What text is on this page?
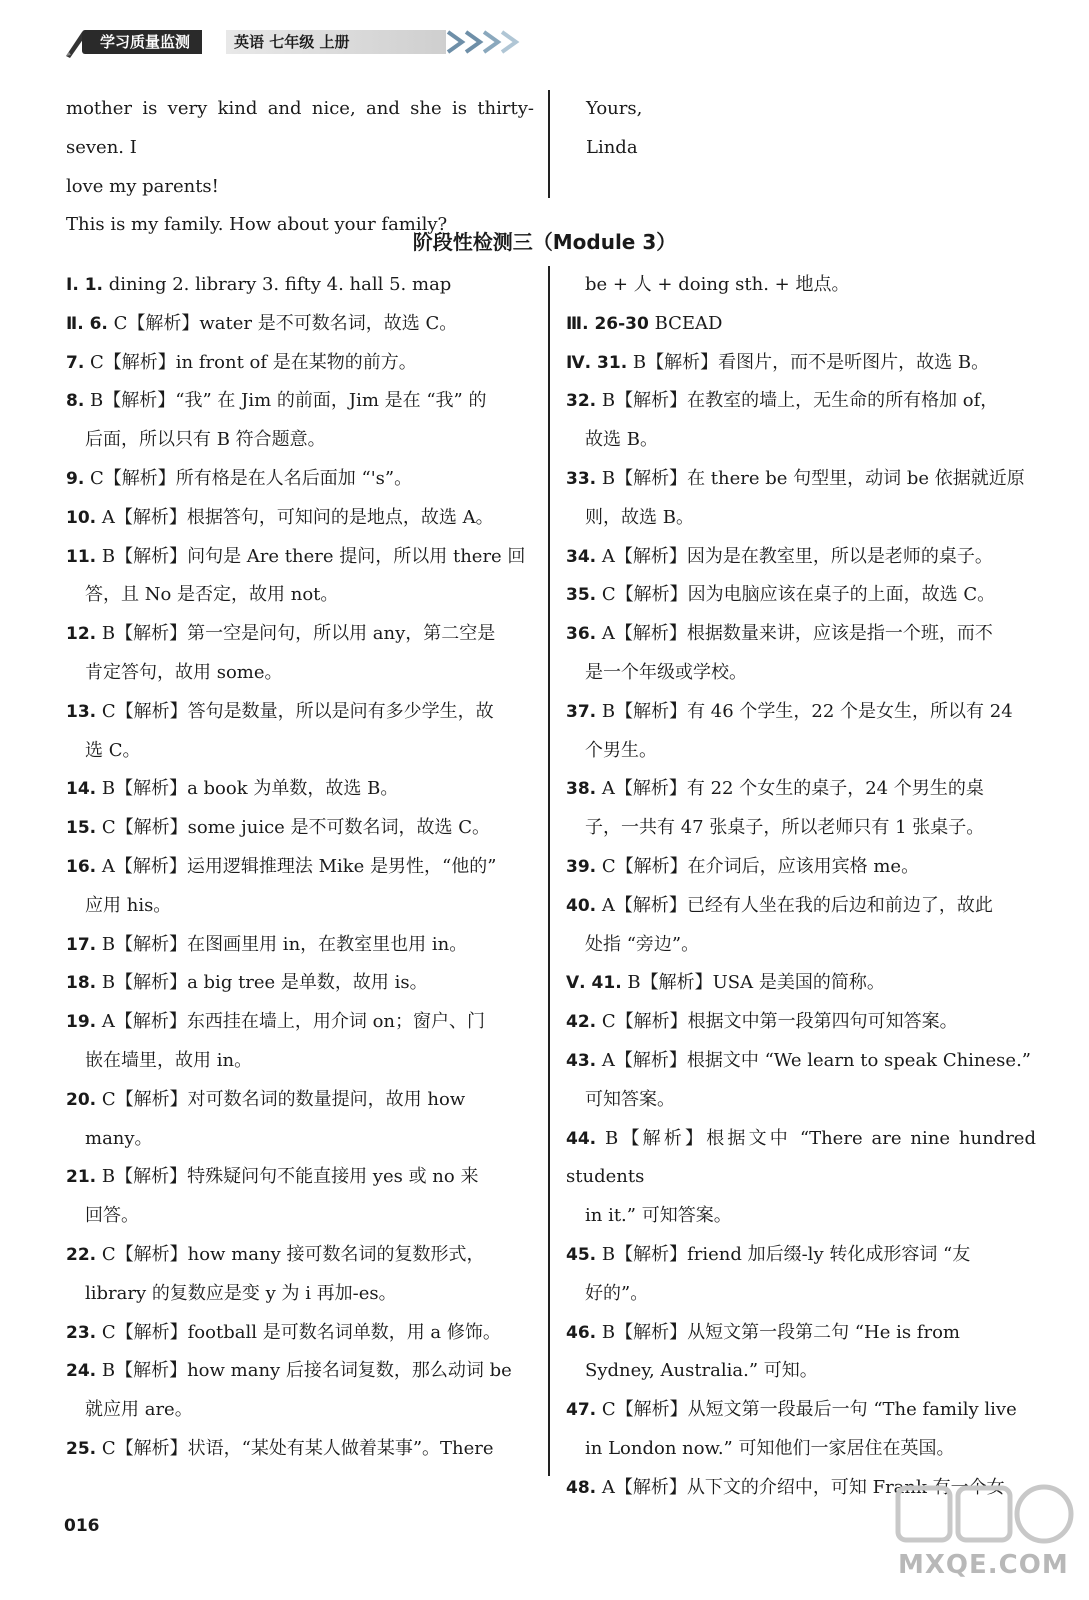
学习质量监测	英语 七年级 上册
mother is very kind and nice, and she is thirty-seven. I
love my parents!
This is my family. How about your family?
Yours,
Linda
阶段性检测三（Module 3）
Ⅰ. 1. dining 2. library 3. fifty 4. hall 5. map
Ⅱ. 6. C【解析】water 是不可数名词，故选 C。
7. C【解析】in front of 是在某物的前方。
8. B【解析】“我” 在 Jim 的前面，Jim 是在 “我” 的
后面，所以只有 B 符合题意。
9. C【解析】所有格是在人名后面加 “'s”。
10. A【解析】根据答句，可知问的是地点，故选 A。
11. B【解析】问句是 Are there 提问，所以用 there 回
答，且 No 是否定，故用 not。
12. B【解析】第一空是问句，所以用 any，第二空是
肯定答句，故用 some。
13. C【解析】答句是数量，所以是问有多少学生，故
选 C。
14. B【解析】a book 为单数，故选 B。
15. C【解析】some juice 是不可数名词，故选 C。
16. A【解析】运用逻辑推理法 Mike 是男性，“他的”
应用 his。
17. B【解析】在图画里用 in，在教室里也用 in。
18. B【解析】a big tree 是单数，故用 is。
19. A【解析】东西挂在墙上，用介词 on；窗户、门
嵌在墙里，故用 in。
20. C【解析】对可数名词的数量提问，故用 how
many。
21. B【解析】特殊疑问句不能直接用 yes 或 no 来
回答。
22. C【解析】how many 接可数名词的复数形式，
library 的复数应是变 y 为 i 再加-es。
23. C【解析】football 是可数名词单数，用 a 修饰。
24. B【解析】how many 后接名词复数，那么动词 be
就应用 are。
25. C【解析】状语，“某处有某人做着某事”。There
be + 人 + doing sth. + 地点。
Ⅲ. 26-30 BCEAD
Ⅳ. 31. B【解析】看图片，而不是听图片，故选 B。
32. B【解析】在教室的墙上，无生命的所有格加 of，
故选 B。
33. B【解析】在 there be 句型里，动词 be 依据就近原
则，故选 B。
34. A【解析】因为是在教室里，所以是老师的桌子。
35. C【解析】因为电脑应该在桌子的上面，故选 C。
36. A【解析】根据数量来讲，应该是指一个班，而不
是一个年级或学校。
37. B【解析】有 46 个学生，22 个是女生，所以有 24
个男生。
38. A【解析】有 22 个女生的桌子，24 个男生的桌
子，一共有 47 张桌子，所以老师只有 1 张桌子。
39. C【解析】在介词后，应该用宾格 me。
40. A【解析】已经有人坐在我的后边和前边了，故此
处指 “旁边”。
Ⅴ. 41. B【解析】USA 是美国的简称。
42. C【解析】根据文中第一段第四句可知答案。
43. A【解析】根据文中 “We learn to speak Chinese.”
可知答案。
44. B【解析】根据文中 “There are nine hundred students
in it.” 可知答案。
45. B【解析】friend 加后缀-ly 转化成形容词 “友
好的”。
46. B【解析】从短文第一段第二句 “He is from
Sydney, Australia.” 可知。
47. C【解析】从短文第一段最后一句 “The family live
in London now.” 可知他们一家居住在英国。
48. A【解析】从下文的介绍中，可知 Frank 有一个女
016
MXQE.COM
